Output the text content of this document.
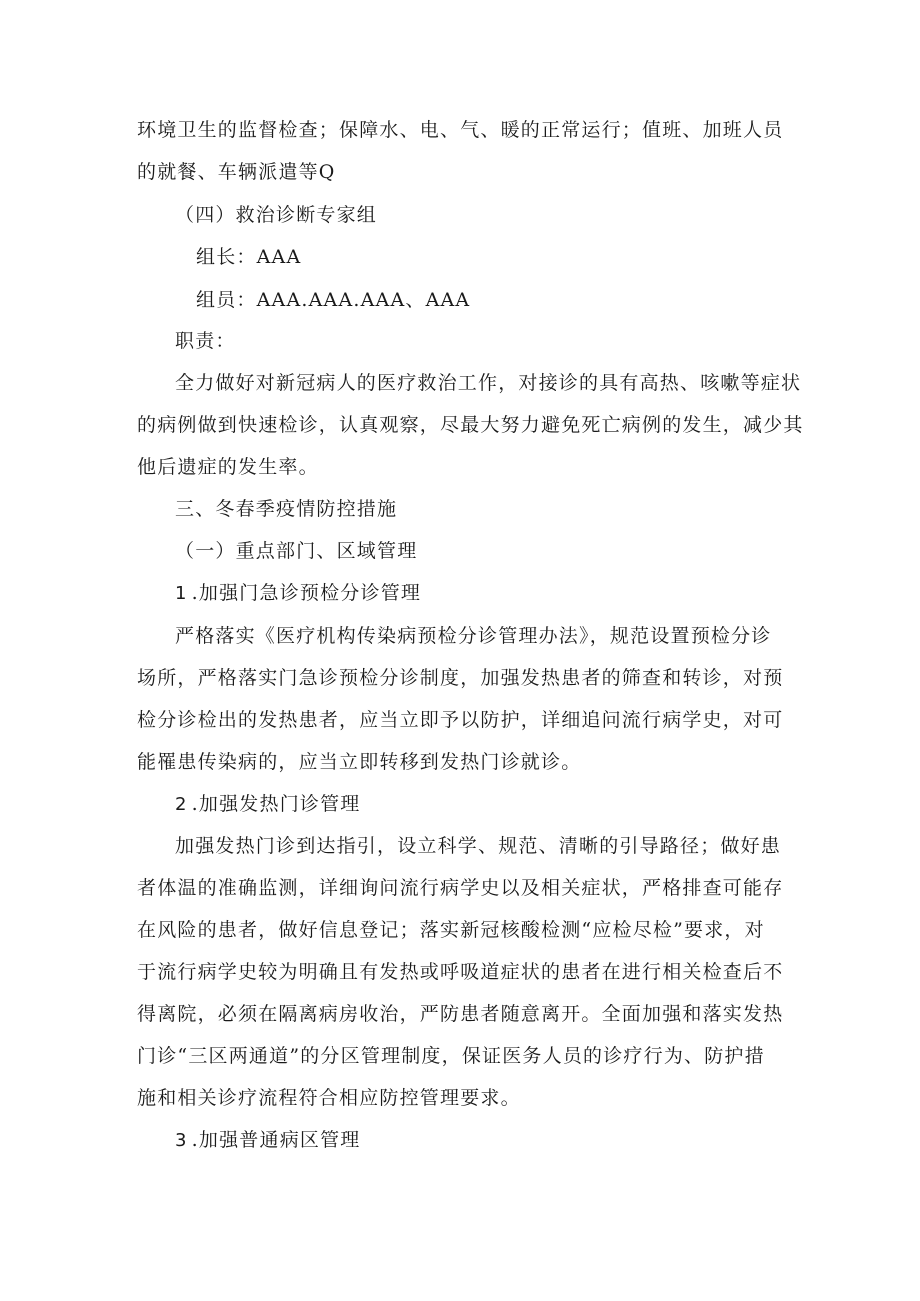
环境卫生的监督检查；保障水、电、气、暖的正常运行；值班、加班人员
的就餐、车辆派遣等Q
（四）救治诊断专家组
组长：AAA
组员：AAA.AAA.AAA、AAA
职责：
全力做好对新冠病人的医疗救治工作，对接诊的具有高热、咳嗽等症状
的病例做到快速检诊，认真观察，尽最大努力避免死亡病例的发生，减少其
他后遗症的发生率。
三、冬春季疫情防控措施
（一）重点部门、区域管理
1 .加强门急诊预检分诊管理
严格落实《医疗机构传染病预检分诊管理办法》，规范设置预检分诊
场所，严格落实门急诊预检分诊制度，加强发热患者的筛查和转诊，对预
检分诊检出的发热患者，应当立即予以防护，详细追问流行病学史，对可
能罹患传染病的，应当立即转移到发热门诊就诊。
2 .加强发热门诊管理
加强发热门诊到达指引，设立科学、规范、清晰的引导路径；做好患
者体温的准确监测，详细询问流行病学史以及相关症状，严格排查可能存
在风险的患者，做好信息登记；落实新冠核酸检测“应检尽检”要求，对
于流行病学史较为明确且有发热或呼吸道症状的患者在进行相关检查后不
得离院，必须在隔离病房收治，严防患者随意离开。全面加强和落实发热
门诊“三区两通道”的分区管理制度，保证医务人员的诊疗行为、防护措
施和相关诊疗流程符合相应防控管理要求。
3 .加强普通病区管理
